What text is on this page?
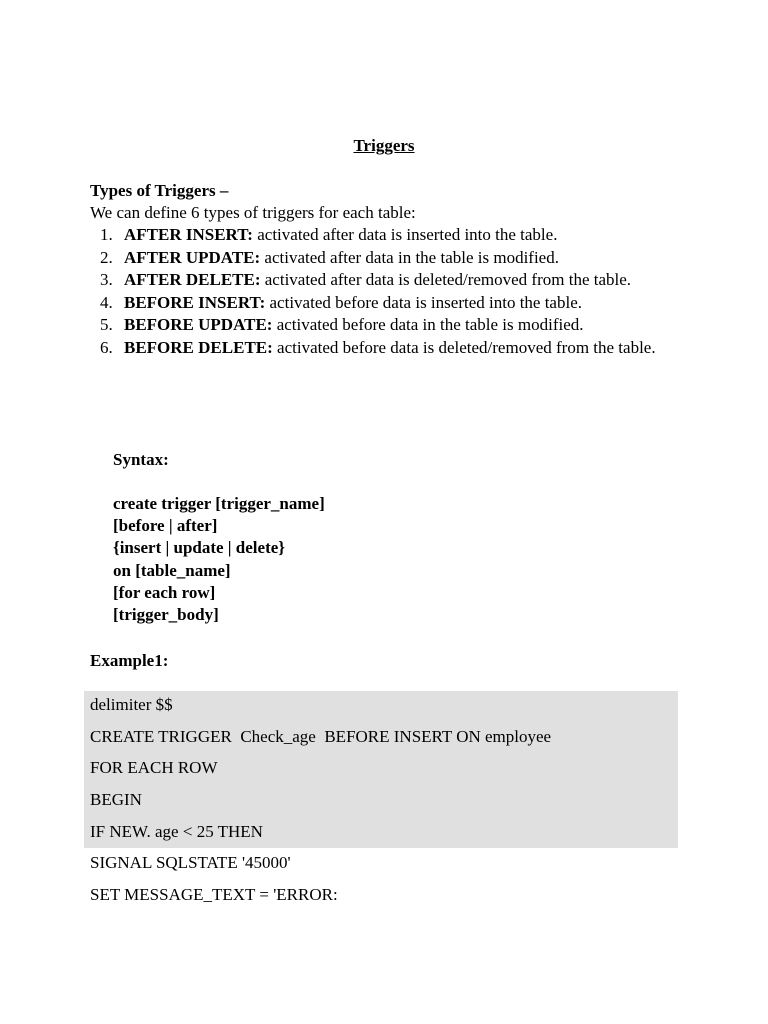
Triggers
Types of Triggers –
We can define 6 types of triggers for each table:
1. AFTER INSERT: activated after data is inserted into the table.
2. AFTER UPDATE: activated after data in the table is modified.
3. AFTER DELETE: activated after data is deleted/removed from the table.
4. BEFORE INSERT: activated before data is inserted into the table.
5. BEFORE UPDATE: activated before data in the table is modified.
6. BEFORE DELETE: activated before data is deleted/removed from the table.
Syntax:
create trigger [trigger_name]
[before | after]
{insert | update | delete}
on [table_name]
[for each row]
[trigger_body]
Example1:
delimiter $$
CREATE TRIGGER  Check_age  BEFORE INSERT ON employee
FOR EACH ROW
BEGIN
IF NEW. age < 25 THEN
SIGNAL SQLSTATE '45000'
SET MESSAGE_TEXT = 'ERROR:
